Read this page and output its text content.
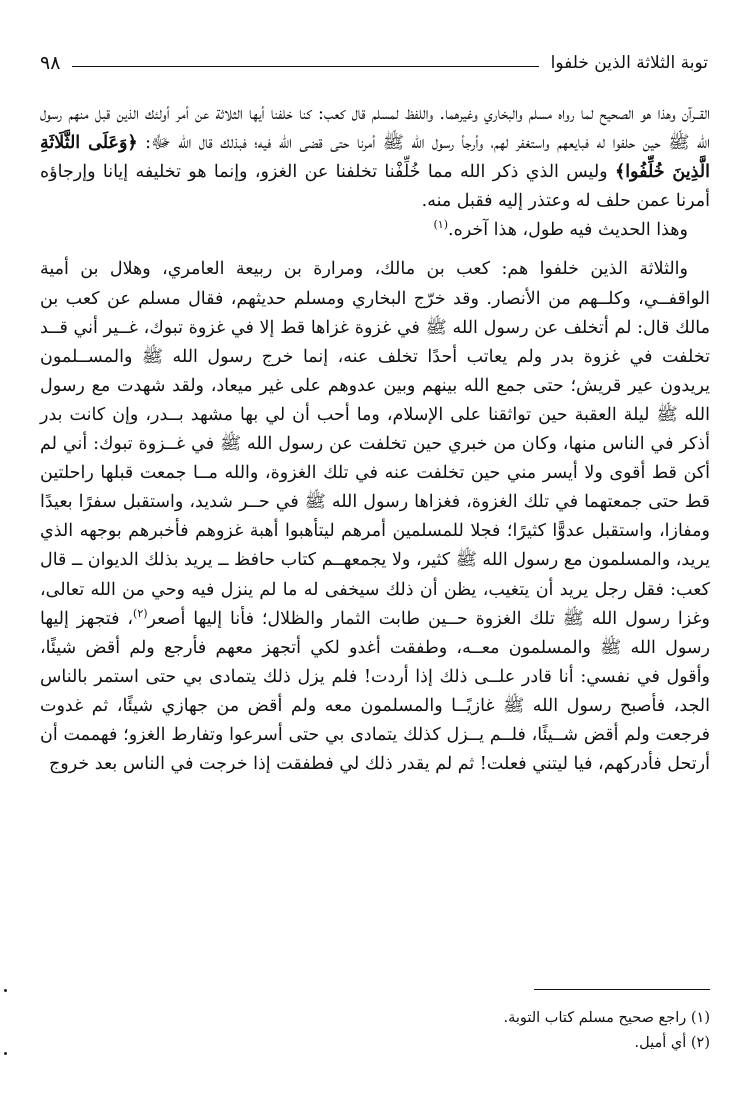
توبة الثلاثة الذين خلفوا
٩٨

القــرآن وهذا هو الصحيح لما رواه مسلم والبخاري وغيرهما. واللفظ لمسلم قال كعب: كنا خلفنا أيها الثلاثة عن أمر أولئك الذين قبل منهم رسول الله ﷺ حين حلفوا له فبايعهم واستغفر لهم، وأرجأ رسول الله ﷺ أمرنا حتى قضى الله فيه؛ فبذلك قال الله ﷻ: ﴿وَعَلَى الثَّلَاثَةِ الَّذِينَ خُلِّفُوا﴾ وليس الذي ذكر الله مما خُلِّفْنا تخلفنا عن الغزو، وإنما هو تخليفه إيانا وإرجاؤه أمرنا عمن حلف له وعتذر إليه فقبل منه.

وهذا الحديث فيه طول، هذا آخره.$^{(١)}$

والثلاثة الذين خلفوا هم: كعب بن مالك، ومرارة بن ربيعة العامري، وهلال بن أمية الواقفــي، وكلــهم من الأنصار. وقد خرّج البخاري ومسلم حديثهم، فقال مسلم عن كعب بن مالك قال: لم أتخلف عن رسول الله ﷺ في غزوة غزاها قط إلا في غزوة تبوك، غــير أني قــد تخلفت في غزوة بدر ولم يعاتب أحدًا تخلف عنه، إنما خرج رسول الله ﷺ والمســلمون يريدون عير قريش؛ حتى جمع الله بينهم وبين عدوهم على غير ميعاد، ولقد شهدت مع رسول الله ﷺ ليلة العقبة حين تواثقنا على الإسلام، وما أحب أن لي بها مشهد بــدر، وإن كانت بدر أذكر في الناس منها، وكان من خبري حين تخلفت عن رسول الله ﷺ في غــزوة تبوك: أني لم أكن قط أقوى ولا أيسر مني حين تخلفت عنه في تلك الغزوة، والله مــا جمعت قبلها راحلتين قط حتى جمعتهما في تلك الغزوة، فغزاها رسول الله ﷺ في حــر شديد، واستقبل سفرًا بعيدًا ومفازا، واستقبل عدوًّا كثيرًا؛ فجلا للمسلمين أمرهم ليتأهبوا أهبة غزوهم فأخبرهم بوجهه الذي يريد، والمسلمون مع رسول الله ﷺ كثير، ولا يجمعهــم كتاب حافظ ــ يريد بذلك الديوان ــ قال كعب: فقل رجل يريد أن يتغيب، يظن أن ذلك سيخفى له ما لم ينزل فيه وحي من الله تعالى، وغزا رسول الله ﷺ تلك الغزوة حــين طابت الثمار والظلال؛ فأنا إليها أصعر$^{(٢)}$، فتجهز إليها رسول الله ﷺ والمسلمون معــه، وطفقت أغدو لكي أتجهز معهم فأرجع ولم أقض شيئًا، وأقول في نفسي: أنا قادر علــى ذلك إذا أردت! فلم يزل ذلك يتمادى بي حتى استمر بالناس الجد، فأصبح رسول الله ﷺ غازيًــا والمسلمون معه ولم أقض من جهازي شيئًا، ثم غدوت فرجعت ولم أقض شــيئًا، فلــم يــزل كذلك يتمادى بي حتى أسرعوا وتفارط الغزو؛ فهممت أن أرتحل فأدركهم، فيا ليتني فعلت! ثم لم يقدر ذلك لي فطفقت إذا خرجت في الناس بعد خروج

(١) راجع صحيح مسلم كتاب التوبة.

(٢) أي أميل.
